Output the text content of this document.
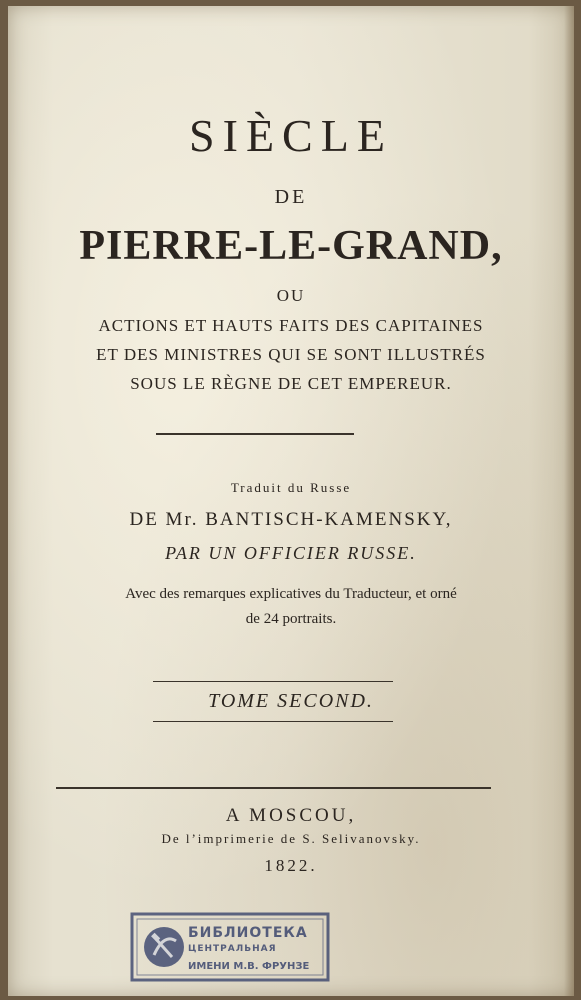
SIÈCLE
DE
PIERRE-LE-GRAND,
OU
ACTIONS ET HAUTS FAITS DES CAPITAINES
ET DES MINISTRES QUI SE SONT ILLUSTRÉS
SOUS LE RÈGNE DE CET EMPEREUR.
Traduit du Russe
DE Mr. BANTISCH-KAMENSKY,
PAR UN OFFICIER RUSSE.
Avec des remarques explicatives du Traducteur, et orné
de 24 portraits.
TOME SECOND.
A MOSCOU,
De l’imprimerie de S. Selivanovsky.
1822.
БИБЛИОТЕКА
ЦЕНТРАЛЬНАЯ
ИМЕНИ М.В. ФРУНЗЕ
